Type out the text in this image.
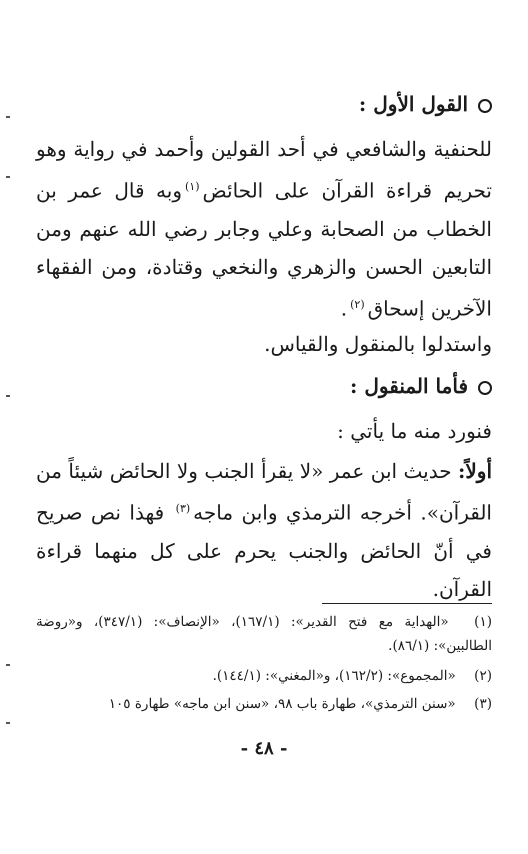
القول الأول :
للحنفية والشافعي في أحد القولين وأحمد في رواية وهو تحريم قراءة القرآن على الحائض$^{(١)}$وبه قال عمر بن الخطاب من الصحابة وعلي وجابر رضي الله عنهم ومن التابعين الحسن والزهري والنخعي وقتادة، ومن الفقهاء الآخرين إسحاق$^{(٢)}$.
واستدلوا بالمنقول والقياس.
فأما المنقول :
فنورد منه ما يأتي :
أولاً: حديث ابن عمر «لا يقرأ الجنب ولا الحائض شيئاً من القرآن». أخرجه الترمذي وابن ماجه$^{(٣)}$ فهذا نص صريح في أنّ الحائض والجنب يحرم على كل منهما قراءة القرآن.
(١) «الهداية مع فتح القدير»: (١٦٧/١)، «الإنصاف»: (٣٤٧/١)، و«روضة الطالبين»: (٨٦/١).
(٢) «المجموع»: (١٦٢/٢)، و«المغني»: (١٤٤/١).
(٣) «سنن الترمذي»، طهارة باب ٩٨، «سنن ابن ماجه» طهارة ١٠٥
- ٤٨ -
